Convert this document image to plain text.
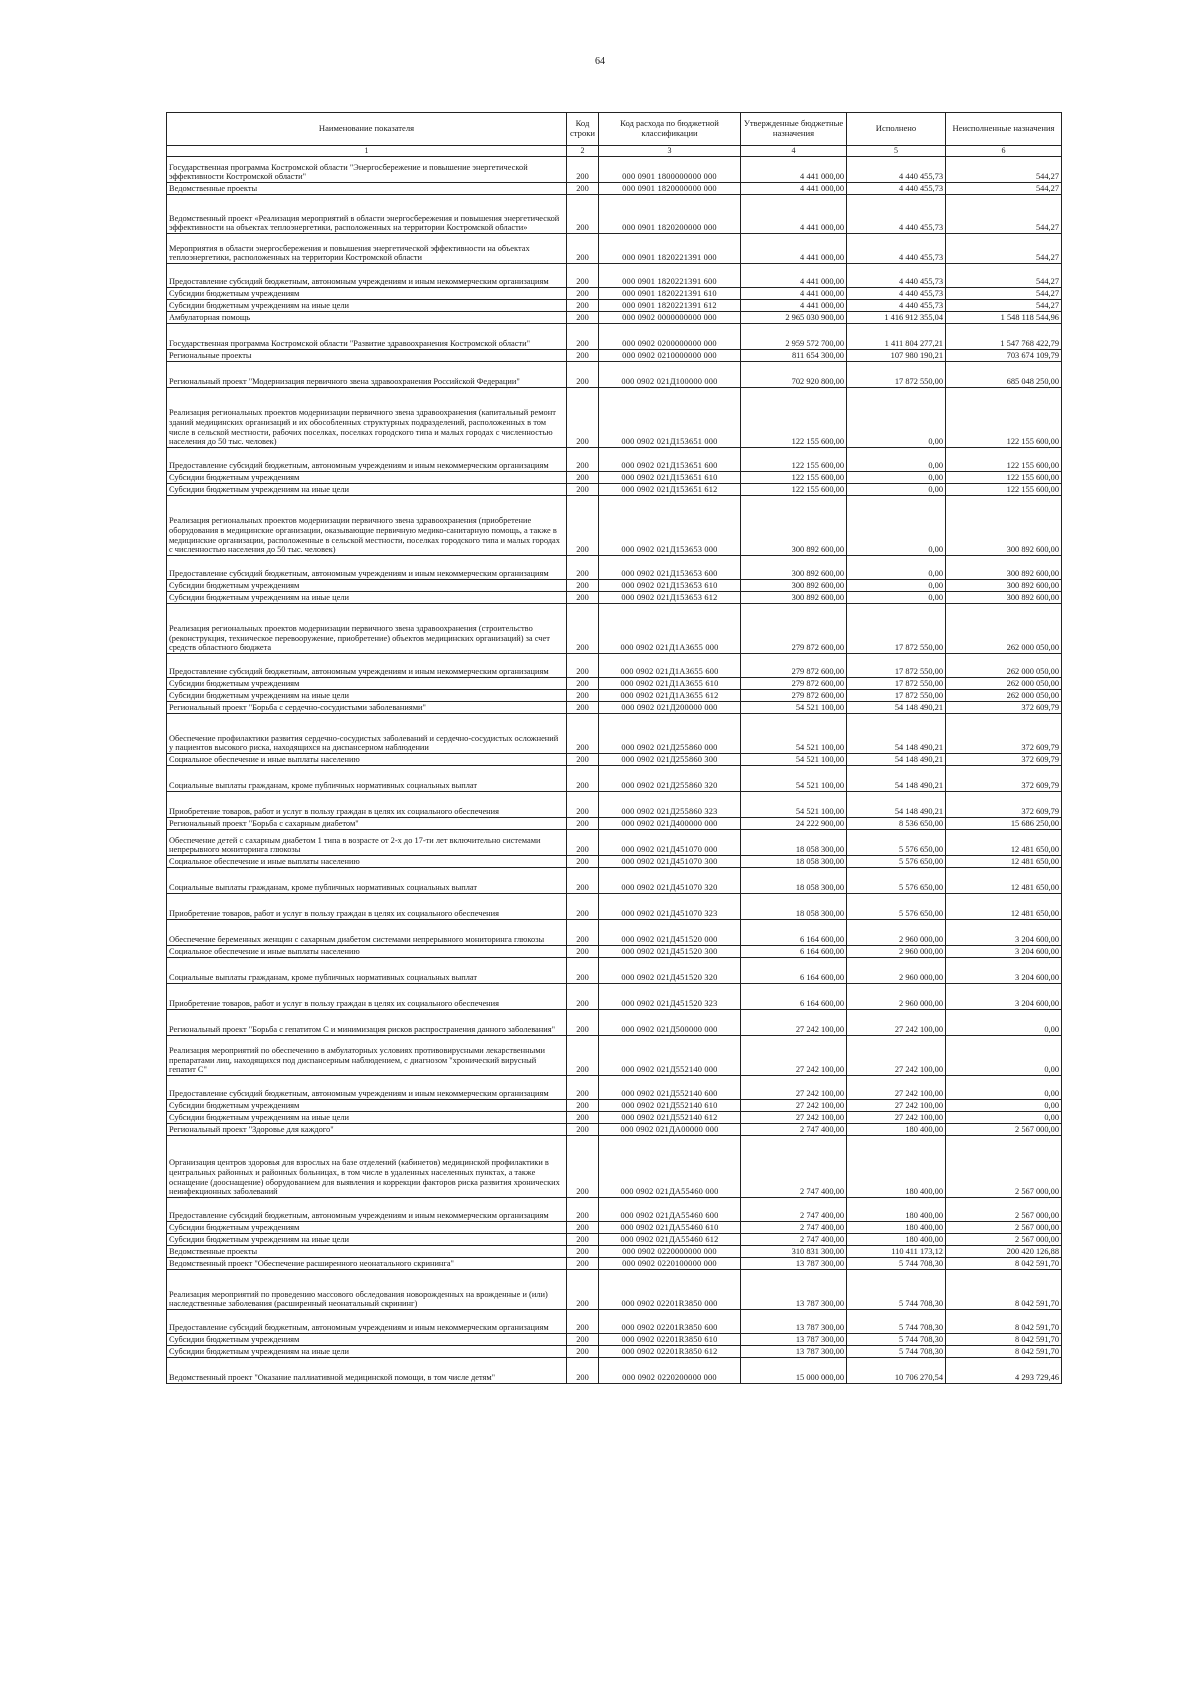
64
Наименование показателя	Код строки	Код расхода по бюджетной классификации	Утвержденные бюджетные назначения	Исполнено	Неисполненные назначения
1	2	3	4	5	6
Государственная программа Костромской области "Энергосбережение и повышение энергетической эффективности Костромской области"	200	000 0901 1800000000 000	4 441 000,00	4 440 455,73	544,27
Ведомственные проекты	200	000 0901 1820000000 000	4 441 000,00	4 440 455,73	544,27
Ведомственный проект «Реализация мероприятий в области энергосбережения и повышения энергетической эффективности на объектах теплоэнергетики, расположенных на территории Костромской области»	200	000 0901 1820200000 000	4 441 000,00	4 440 455,73	544,27
Мероприятия в области энергосбережения и повышения энергетической эффективности на объектах теплоэнергетики, расположенных на территории Костромской области	200	000 0901 1820221391 000	4 441 000,00	4 440 455,73	544,27
Предоставление субсидий бюджетным, автономным учреждениям и иным некоммерческим организациям	200	000 0901 1820221391 600	4 441 000,00	4 440 455,73	544,27
Субсидии бюджетным учреждениям	200	000 0901 1820221391 610	4 441 000,00	4 440 455,73	544,27
Субсидии бюджетным учреждениям на иные цели	200	000 0901 1820221391 612	4 441 000,00	4 440 455,73	544,27
Амбулаторная помощь	200	000 0902 0000000000 000	2 965 030 900,00	1 416 912 355,04	1 548 118 544,96
Государственная программа Костромской области "Развитие здравоохранения Костромской области"	200	000 0902 0200000000 000	2 959 572 700,00	1 411 804 277,21	1 547 768 422,79
Региональные проекты	200	000 0902 0210000000 000	811 654 300,00	107 980 190,21	703 674 109,79
Региональный проект "Модернизация первичного звена здравоохранения Российской Федерации"	200	000 0902 021Д100000 000	702 920 800,00	17 872 550,00	685 048 250,00
Реализация региональных проектов модернизации первичного звена здравоохранения (капитальный ремонт зданий медицинских организаций и их обособленных структурных подразделений, расположенных в том числе в сельской местности, рабочих поселках, поселках городского типа и малых городах с численностью населения до 50 тыс. человек)	200	000 0902 021Д153651 000	122 155 600,00	0,00	122 155 600,00
Предоставление субсидий бюджетным, автономным учреждениям и иным некоммерческим организациям	200	000 0902 021Д153651 600	122 155 600,00	0,00	122 155 600,00
Субсидии бюджетным учреждениям	200	000 0902 021Д153651 610	122 155 600,00	0,00	122 155 600,00
Субсидии бюджетным учреждениям на иные цели	200	000 0902 021Д153651 612	122 155 600,00	0,00	122 155 600,00
Реализация региональных проектов модернизации первичного звена здравоохранения (приобретение оборудования в медицинские организации, оказывающие первичную медико-санитарную помощь, а также в медицинские организации, расположенные в сельской местности, поселках городского типа и малых городах с численностью населения до 50 тыс. человек)	200	000 0902 021Д153653 000	300 892 600,00	0,00	300 892 600,00
Предоставление субсидий бюджетным, автономным учреждениям и иным некоммерческим организациям	200	000 0902 021Д153653 600	300 892 600,00	0,00	300 892 600,00
Субсидии бюджетным учреждениям	200	000 0902 021Д153653 610	300 892 600,00	0,00	300 892 600,00
Субсидии бюджетным учреждениям на иные цели	200	000 0902 021Д153653 612	300 892 600,00	0,00	300 892 600,00
Реализация региональных проектов модернизации первичного звена здравоохранения (строительство (реконструкция, техническое перевооружение, приобретение) объектов медицинских организаций) за счет средств областного бюджета	200	000 0902 021Д1А3655 000	279 872 600,00	17 872 550,00	262 000 050,00
Предоставление субсидий бюджетным, автономным учреждениям и иным некоммерческим организациям	200	000 0902 021Д1А3655 600	279 872 600,00	17 872 550,00	262 000 050,00
Субсидии бюджетным учреждениям	200	000 0902 021Д1А3655 610	279 872 600,00	17 872 550,00	262 000 050,00
Субсидии бюджетным учреждениям на иные цели	200	000 0902 021Д1А3655 612	279 872 600,00	17 872 550,00	262 000 050,00
Региональный проект "Борьба с сердечно-сосудистыми заболеваниями"	200	000 0902 021Д200000 000	54 521 100,00	54 148 490,21	372 609,79
Обеспечение профилактики развития сердечно-сосудистых заболеваний и сердечно-сосудистых осложнений у пациентов высокого риска, находящихся на диспансерном наблюдении	200	000 0902 021Д255860 000	54 521 100,00	54 148 490,21	372 609,79
Социальное обеспечение и иные выплаты населению	200	000 0902 021Д255860 300	54 521 100,00	54 148 490,21	372 609,79
Социальные выплаты гражданам, кроме публичных нормативных социальных выплат	200	000 0902 021Д255860 320	54 521 100,00	54 148 490,21	372 609,79
Приобретение товаров, работ и услуг в пользу граждан в целях их социального обеспечения	200	000 0902 021Д255860 323	54 521 100,00	54 148 490,21	372 609,79
Региональный проект "Борьба с сахарным диабетом"	200	000 0902 021Д400000 000	24 222 900,00	8 536 650,00	15 686 250,00
Обеспечение детей с сахарным диабетом 1 типа в возрасте от 2-х до 17-ти лет включительно системами непрерывного мониторинга глюкозы	200	000 0902 021Д451070 000	18 058 300,00	5 576 650,00	12 481 650,00
Социальное обеспечение и иные выплаты населению	200	000 0902 021Д451070 300	18 058 300,00	5 576 650,00	12 481 650,00
Социальные выплаты гражданам, кроме публичных нормативных социальных выплат	200	000 0902 021Д451070 320	18 058 300,00	5 576 650,00	12 481 650,00
Приобретение товаров, работ и услуг в пользу граждан в целях их социального обеспечения	200	000 0902 021Д451070 323	18 058 300,00	5 576 650,00	12 481 650,00
Обеспечение беременных женщин с сахарным диабетом системами непрерывного мониторинга глюкозы	200	000 0902 021Д451520 000	6 164 600,00	2 960 000,00	3 204 600,00
Социальное обеспечение и иные выплаты населению	200	000 0902 021Д451520 300	6 164 600,00	2 960 000,00	3 204 600,00
Социальные выплаты гражданам, кроме публичных нормативных социальных выплат	200	000 0902 021Д451520 320	6 164 600,00	2 960 000,00	3 204 600,00
Приобретение товаров, работ и услуг в пользу граждан в целях их социального обеспечения	200	000 0902 021Д451520 323	6 164 600,00	2 960 000,00	3 204 600,00
Региональный проект "Борьба с гепатитом С и минимизация рисков распространения данного заболевания"	200	000 0902 021Д500000 000	27 242 100,00	27 242 100,00	0,00
Реализация мероприятий по обеспечению в амбулаторных условиях противовирусными лекарственными препаратами лиц, находящихся под диспансерным наблюдением, с диагнозом "хронический вирусный гепатит С"	200	000 0902 021Д552140 000	27 242 100,00	27 242 100,00	0,00
Предоставление субсидий бюджетным, автономным учреждениям и иным некоммерческим организациям	200	000 0902 021Д552140 600	27 242 100,00	27 242 100,00	0,00
Субсидии бюджетным учреждениям	200	000 0902 021Д552140 610	27 242 100,00	27 242 100,00	0,00
Субсидии бюджетным учреждениям на иные цели	200	000 0902 021Д552140 612	27 242 100,00	27 242 100,00	0,00
Региональный проект "Здоровье для каждого"	200	000 0902 021ДА00000 000	2 747 400,00	180 400,00	2 567 000,00
Организация центров здоровья для взрослых на базе отделений (кабинетов) медицинской профилактики в центральных районных и районных больницах, в том числе в удаленных населенных пунктах, а также оснащение (дооснащение) оборудованием для выявления и коррекции факторов риска развития хронических неинфекционных заболеваний	200	000 0902 021ДА55460 000	2 747 400,00	180 400,00	2 567 000,00
Предоставление субсидий бюджетным, автономным учреждениям и иным некоммерческим организациям	200	000 0902 021ДА55460 600	2 747 400,00	180 400,00	2 567 000,00
Субсидии бюджетным учреждениям	200	000 0902 021ДА55460 610	2 747 400,00	180 400,00	2 567 000,00
Субсидии бюджетным учреждениям на иные цели	200	000 0902 021ДА55460 612	2 747 400,00	180 400,00	2 567 000,00
Ведомственные проекты	200	000 0902 0220000000 000	310 831 300,00	110 411 173,12	200 420 126,88
Ведомственный проект "Обеспечение расширенного неонатального скрининга"	200	000 0902 0220100000 000	13 787 300,00	5 744 708,30	8 042 591,70
Реализация мероприятий по проведению массового обследования новорожденных на врожденные и (или) наследственные заболевания (расширенный неонатальный скрининг)	200	000 0902 02201R3850 000	13 787 300,00	5 744 708,30	8 042 591,70
Предоставление субсидий бюджетным, автономным учреждениям и иным некоммерческим организациям	200	000 0902 02201R3850 600	13 787 300,00	5 744 708,30	8 042 591,70
Субсидии бюджетным учреждениям	200	000 0902 02201R3850 610	13 787 300,00	5 744 708,30	8 042 591,70
Субсидии бюджетным учреждениям на иные цели	200	000 0902 02201R3850 612	13 787 300,00	5 744 708,30	8 042 591,70
Ведомственный проект "Оказание паллиативной медицинской помощи, в том числе детям"	200	000 0902 0220200000 000	15 000 000,00	10 706 270,54	4 293 729,46
